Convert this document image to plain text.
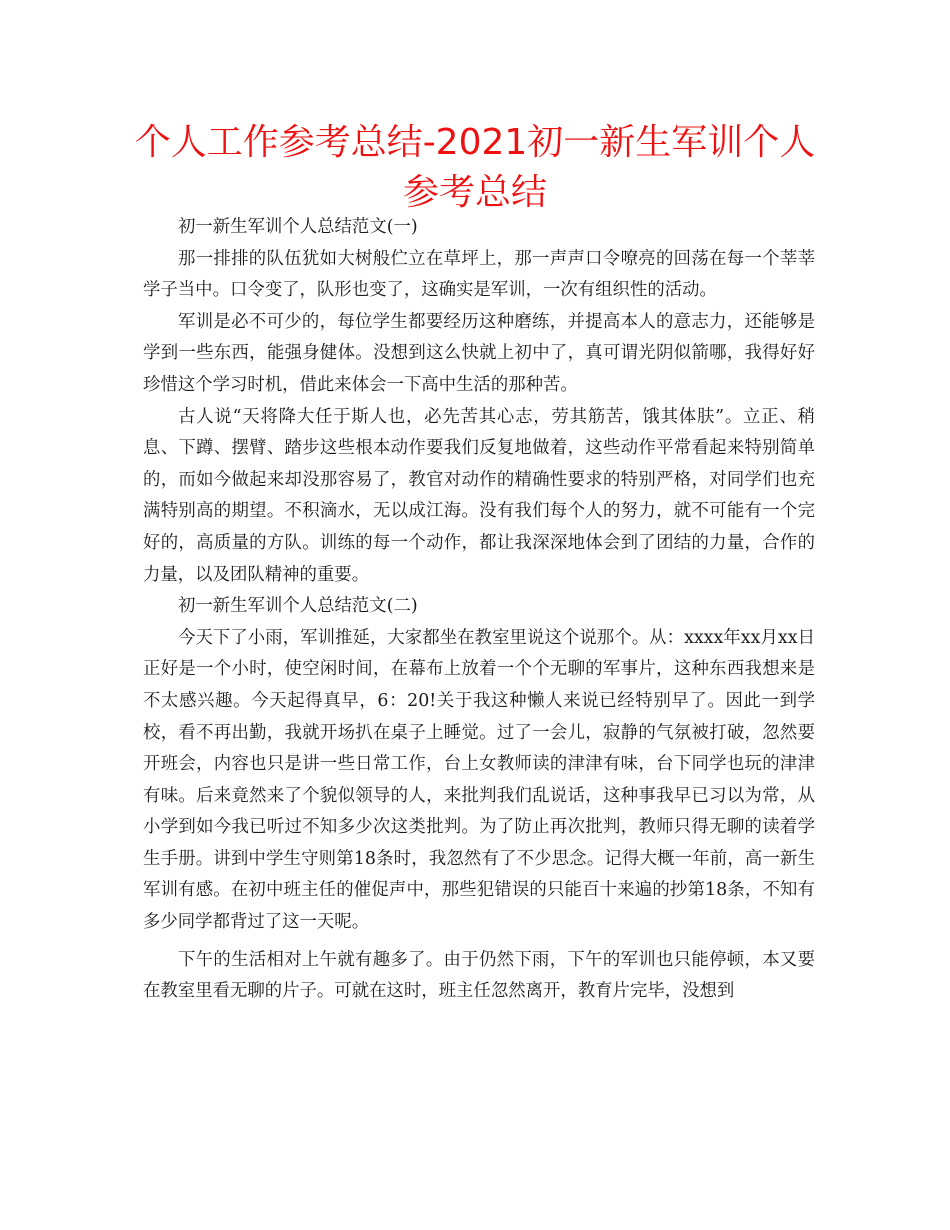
个人工作参考总结-2021初一新生军训个人参考总结

初一新生军训个人总结范文(一)

那一排排的队伍犹如大树般伫立在草坪上，那一声声口令嘹亮的回荡在每一个莘莘学子当中。口令变了，队形也变了，这确实是军训，一次有组织性的活动。

军训是必不可少的，每位学生都要经历这种磨练，并提高本人的意志力，还能够是学到一些东西，能强身健体。没想到这么快就上初中了，真可谓光阴似箭哪，我得好好珍惜这个学习时机，借此来体会一下高中生活的那种苦。

古人说“天将降大任于斯人也，必先苦其心志，劳其筋苦，饿其体肤”。立正、稍息、下蹲、摆臂、踏步这些根本动作要我们反复地做着，这些动作平常看起来特别简单的，而如今做起来却没那容易了，教官对动作的精确性要求的特别严格，对同学们也充满特别高的期望。不积滴水，无以成江海。没有我们每个人的努力，就不可能有一个完好的，高质量的方队。训练的每一个动作，都让我深深地体会到了团结的力量，合作的力量，以及团队精神的重要。

初一新生军训个人总结范文(二)

今天下了小雨，军训推延，大家都坐在教室里说这个说那个。从：xxxx年xx月xx日正好是一个小时，使空闲时间，在幕布上放着一个个无聊的军事片，这种东西我想来是不太感兴趣。今天起得真早，6：20!关于我这种懒人来说已经特别早了。因此一到学校，看不再出勤，我就开场扒在桌子上睡觉。过了一会儿，寂静的气氛被打破，忽然要开班会，内容也只是讲一些日常工作，台上女教师读的津津有味，台下同学也玩的津津有味。后来竟然来了个貌似领导的人，来批判我们乱说话，这种事我早已习以为常，从小学到如今我已听过不知多少次这类批判。为了防止再次批判，教师只得无聊的读着学生手册。讲到中学生守则第18条时，我忽然有了不少思念。记得大概一年前，高一新生军训有感。在初中班主任的催促声中，那些犯错误的只能百十来遍的抄第18条，不知有多少同学都背过了这一天呢。

下午的生活相对上午就有趣多了。由于仍然下雨，下午的军训也只能停顿，本又要在教室里看无聊的片子。可就在这时，班主任忽然离开，教育片完毕，没想到
